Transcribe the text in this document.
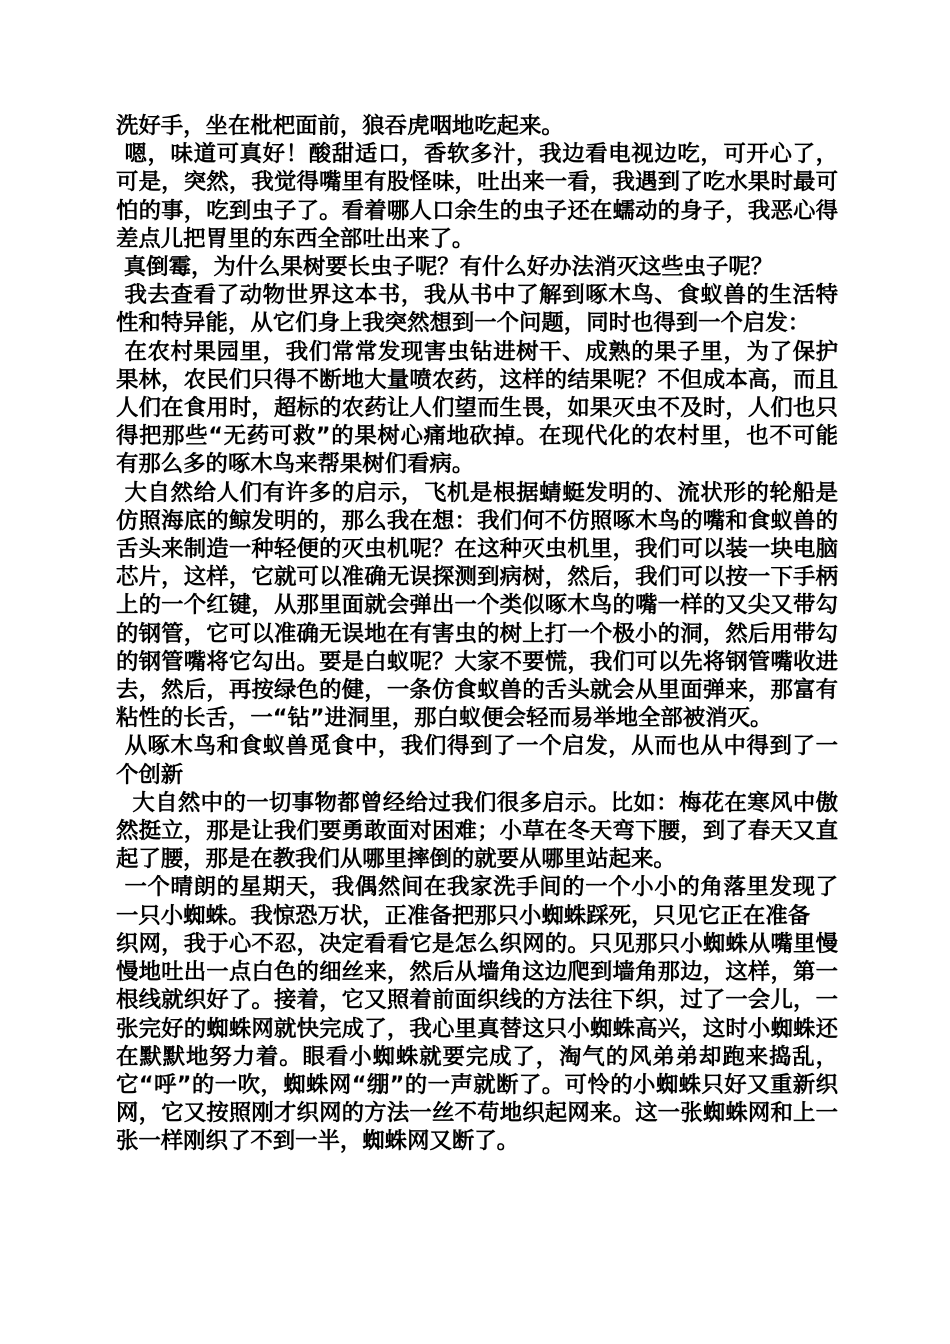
洗好手，坐在枇杷面前，狼吞虎咽地吃起来。

嗯，味道可真好！酸甜适口，香软多汁，我边看电视边吃，可开心了，可是，突然，我觉得嘴里有股怪味，吐出来一看，我遇到了吃水果时最可怕的事，吃到虫子了。看着哪人口余生的虫子还在蠕动的身子，我恶心得差点儿把胃里的东西全部吐出来了。

真倒霉，为什么果树要长虫子呢？有什么好办法消灭这些虫子呢？

我去查看了动物世界这本书，我从书中了解到啄木鸟、食蚁兽的生活特性和特异能，从它们身上我突然想到一个问题，同时也得到一个启发：

在农村果园里，我们常常发现害虫钻进树干、成熟的果子里，为了保护果林，农民们只得不断地大量喷农药，这样的结果呢？不但成本高，而且人们在食用时，超标的农药让人们望而生畏，如果灭虫不及时，人们也只得把那些“无药可救”的果树心痛地砍掉。在现代化的农村里，也不可能有那么多的啄木鸟来帮果树们看病。

大自然给人们有许多的启示，飞机是根据蜻蜓发明的、流状形的轮船是仿照海底的鲸发明的，那么我在想：我们何不仿照啄木鸟的嘴和食蚁兽的舌头来制造一种轻便的灭虫机呢？在这种灭虫机里，我们可以装一块电脑芯片，这样，它就可以准确无误探测到病树，然后，我们可以按一下手柄上的一个红键，从那里面就会弹出一个类似啄木鸟的嘴一样的又尖又带勾的钢管，它可以准确无误地在有害虫的树上打一个极小的洞，然后用带勾的钢管嘴将它勾出。要是白蚁呢？大家不要慌，我们可以先将钢管嘴收进去，然后，再按绿色的健，一条仿食蚁兽的舌头就会从里面弹来，那富有粘性的长舌，一“钻”进洞里，那白蚁便会轻而易举地全部被消灭。

从啄木鸟和食蚁兽觅食中，我们得到了一个启发，从而也从中得到了一个创新

大自然中的一切事物都曾经给过我们很多启示。比如：梅花在寒风中傲然挺立，那是让我们要勇敢面对困难；小草在冬天弯下腰，到了春天又直起了腰，那是在教我们从哪里摔倒的就要从哪里站起来。

一个晴朗的星期天，我偶然间在我家洗手间的一个小小的角落里发现了一只小蜘蛛。我惊恐万状，正准备把那只小蜘蛛踩死，只见它正在准备

织网，我于心不忍，决定看看它是怎么织网的。只见那只小蜘蛛从嘴里慢慢地吐出一点白色的细丝来，然后从墙角这边爬到墙角那边，这样，第一根线就织好了。接着，它又照着前面织线的方法往下织，过了一会儿，一张完好的蜘蛛网就快完成了，我心里真替这只小蜘蛛高兴，这时小蜘蛛还在默默地努力着。眼看小蜘蛛就要完成了，淘气的风弟弟却跑来捣乱，它“呼”的一吹，蜘蛛网“绷”的一声就断了。可怜的小蜘蛛只好又重新织网，它又按照刚才织网的方法一丝不苟地织起网来。这一张蜘蛛网和上一张一样刚织了不到一半，蜘蛛网又断了。
